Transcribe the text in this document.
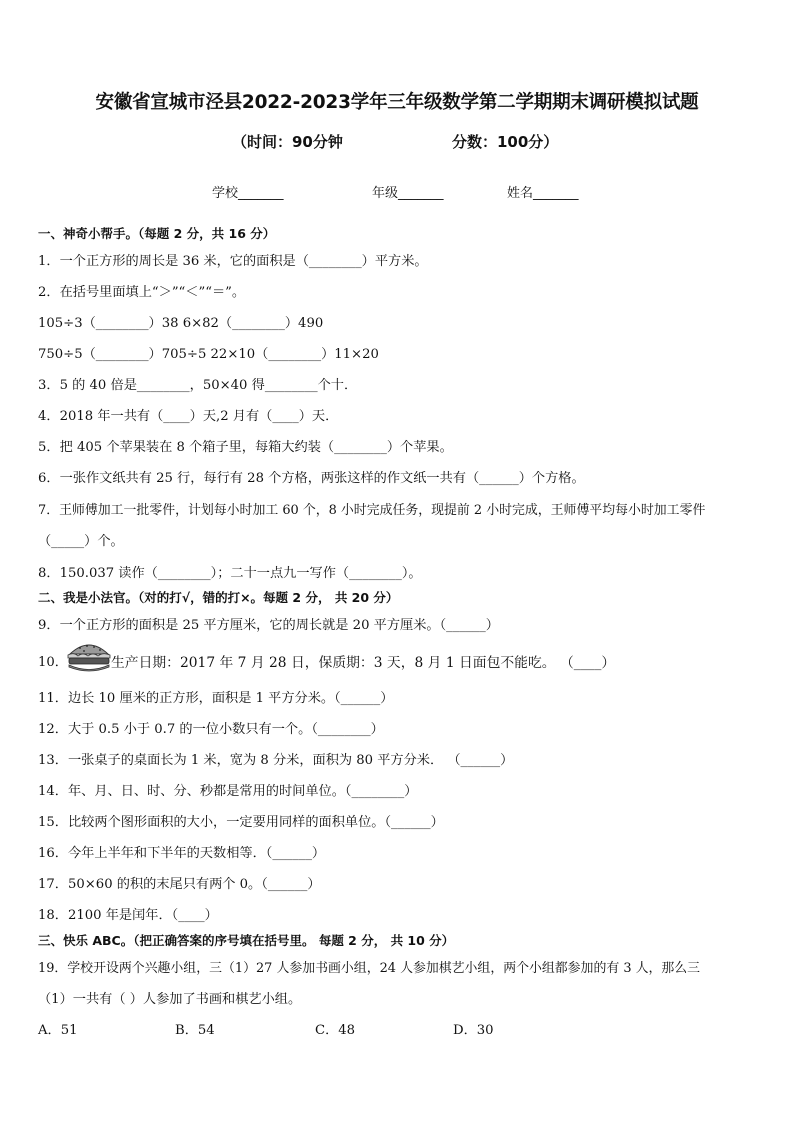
安徽省宣城市泾县2022-2023学年三年级数学第二学期期末调研模拟试题
（时间：90分钟	分数：100分）
学校_______	年级_______	姓名_______
一、神奇小帮手。（每题 2 分，共 16 分）
1．一个正方形的周长是 36 米，它的面积是（________）平方米。
2．在括号里面填上“＞”“＜”“＝”。
105÷3（________）38 6×82（________）490
750÷5（________）705÷5 22×10（________）11×20
3．5 的 40 倍是________，50×40 得________个十．
4．2018 年一共有（____）天,2 月有（____）天．
5．把 405 个苹果装在 8 个箱子里，每箱大约装（________）个苹果。
6．一张作文纸共有 25 行，每行有 28 个方格，两张这样的作文纸一共有（______）个方格。
7．王师傅加工一批零件，计划每小时加工 60 个，8 小时完成任务，现提前 2 小时完成，王师傅平均每小时加工零件
（_____）个。
8．150.037 读作（________）；二十一点九一写作（________）。
二、我是小法官。（对的打√，错的打×。每题 2 分， 共 20 分）
9．一个正方形的面积是 25 平方厘米，它的周长就是 20 平方厘米。（______）
10．	生产日期：2017 年 7 月 28 日，保质期：3 天，8 月 1 日面包不能吃。 （____）
11．边长 10 厘米的正方形，面积是 1 平方分米。（______）
12．大于 0.5 小于 0.7 的一位小数只有一个。（________）
13．一张桌子的桌面长为 1 米，宽为 8 分米，面积为 80 平方分米． （______）
14．年、月、日、时、分、秒都是常用的时间单位。（________）
15．比较两个图形面积的大小，一定要用同样的面积单位。（______）
16．今年上半年和下半年的天数相等．（______）
17．50×60 的积的末尾只有两个 0。（______）
18．2100 年是闰年．（____）
三、快乐 ABC。（把正确答案的序号填在括号里。 每题 2 分， 共 10 分）
19．学校开设两个兴趣小组，三（1）27 人参加书画小组，24 人参加棋艺小组，两个小组都参加的有 3 人，那么三
（1）一共有（ ）人参加了书画和棋艺小组。
A．51	B．54	C．48	D．30
